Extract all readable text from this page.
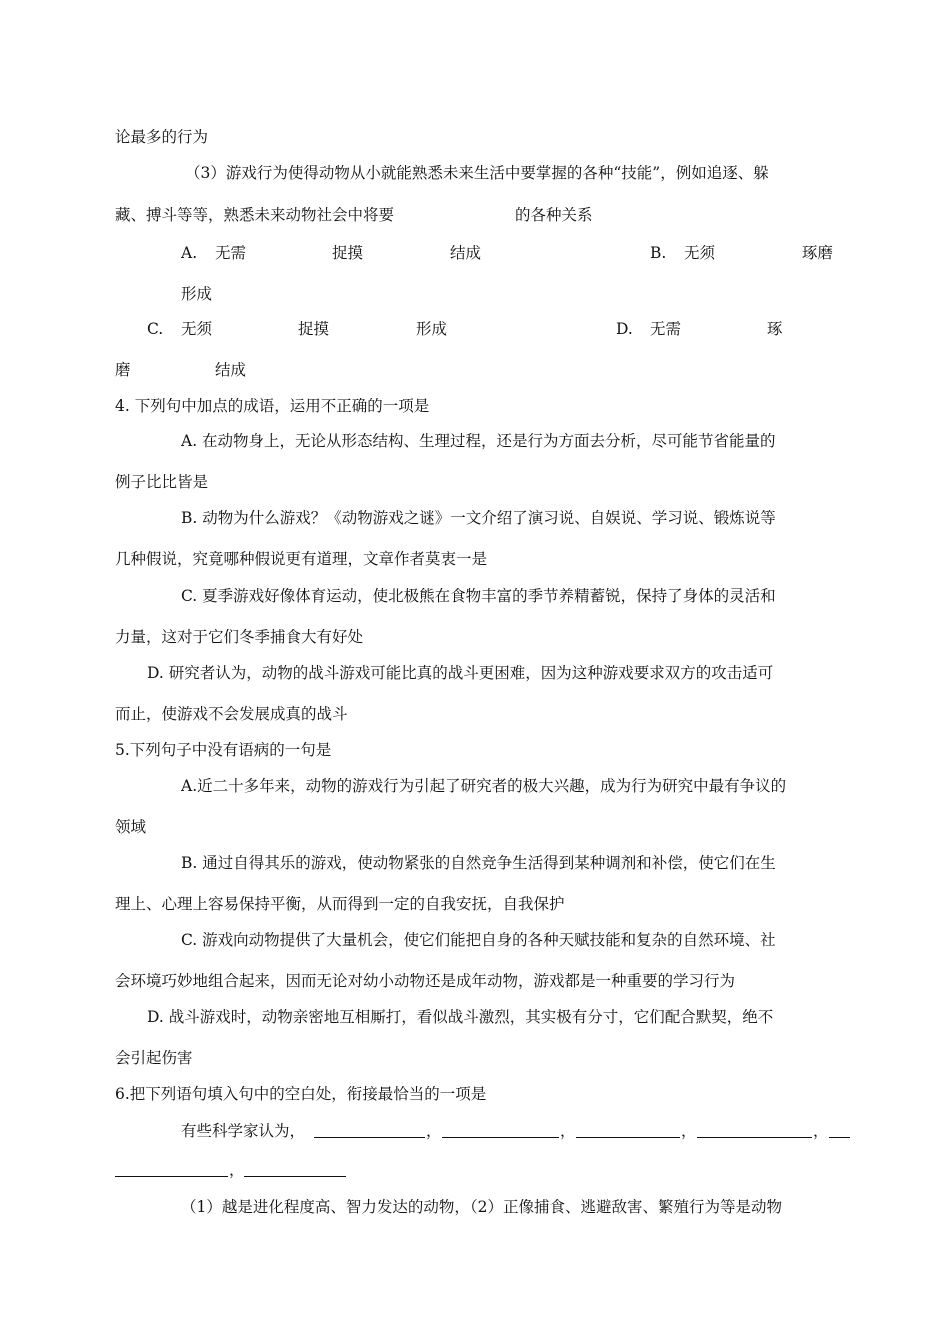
论最多的行为
（3）游戏行为使得动物从小就能熟悉未来生活中要掌握的各种“技能”，例如追逐、躲
藏、搏斗等等，熟悉未来动物社会中将要	的各种关系
A. 无需	捉摸	结成	B. 无须	琢磨
形成
C. 无须	捉摸	形成	D. 无需	琢
磨	结成
4. 下列句中加点的成语，运用不正确的一项是
A. 在动物身上，无论从形态结构、生理过程，还是行为方面去分析，尽可能节省能量的
例子比比皆是
B. 动物为什么游戏？《动物游戏之谜》一文介绍了演习说、自娱说、学习说、锻炼说等
几种假说，究竟哪种假说更有道理，文章作者莫衷一是
C. 夏季游戏好像体育运动，使北极熊在食物丰富的季节养精蓄锐，保持了身体的灵活和
力量，这对于它们冬季捕食大有好处
D. 研究者认为，动物的战斗游戏可能比真的战斗更困难，因为这种游戏要求双方的攻击适可
而止，使游戏不会发展成真的战斗
5.下列句子中没有语病的一句是
A.近二十多年来，动物的游戏行为引起了研究者的极大兴趣，成为行为研究中最有争议的
领域
B. 通过自得其乐的游戏，使动物紧张的自然竞争生活得到某种调剂和补偿，使它们在生
理上、心理上容易保持平衡，从而得到一定的自我安抚，自我保护
C. 游戏向动物提供了大量机会，使它们能把自身的各种天赋技能和复杂的自然环境、社
会环境巧妙地组合起来，因而无论对幼小动物还是成年动物，游戏都是一种重要的学习行为
D. 战斗游戏时，动物亲密地互相厮打，看似战斗激烈，其实极有分寸，它们配合默契，绝不
会引起伤害
6.把下列语句填入句中的空白处，衔接最恰当的一项是
有些科学家认为，	，	，	，	，
，
（1）越是进化程度高、智力发达的动物，（2）正像捕食、逃避敌害、繁殖行为等是动物
